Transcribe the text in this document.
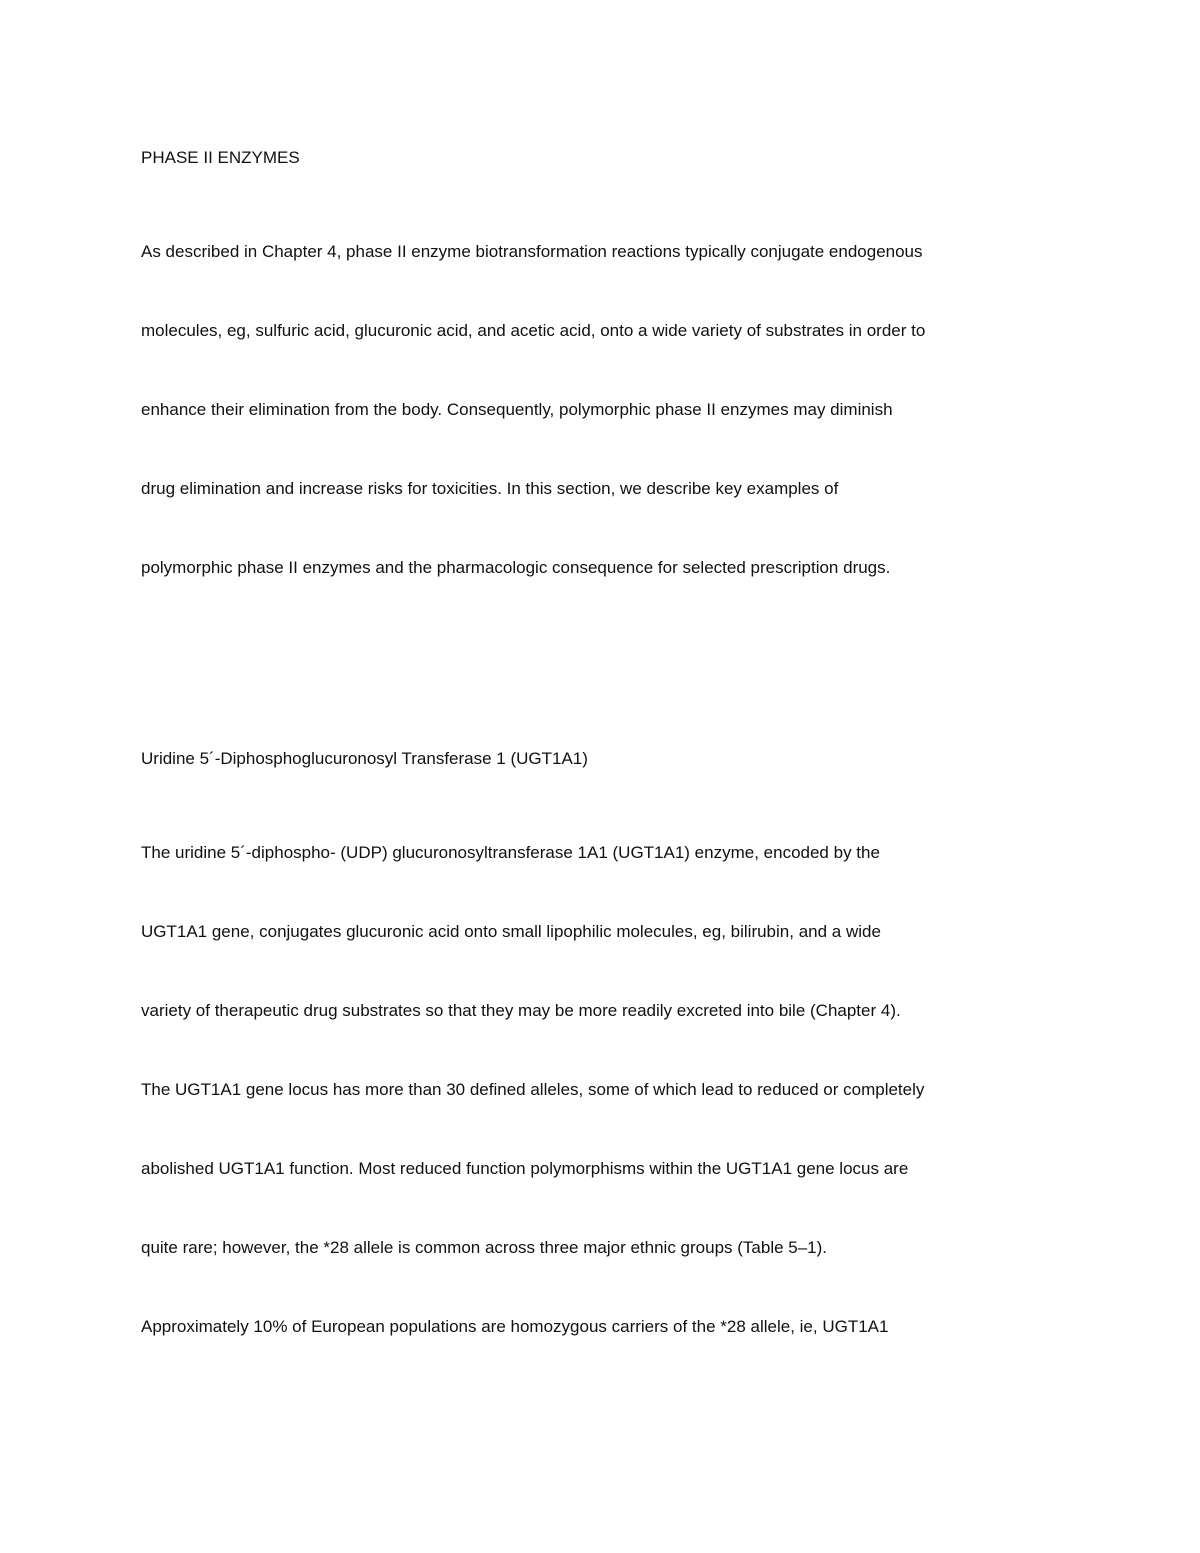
PHASE II ENZYMES
As described in Chapter 4, phase II enzyme biotransformation reactions typically conjugate endogenous
molecules, eg, sulfuric acid, glucuronic acid, and acetic acid, onto a wide variety of substrates in order to
enhance their elimination from the body. Consequently, polymorphic phase II enzymes may diminish
drug elimination and increase risks for toxicities. In this section, we describe key examples of
polymorphic phase II enzymes and the pharmacologic consequence for selected prescription drugs.
Uridine 5´-Diphosphoglucuronosyl Transferase 1 (UGT1A1)
The uridine 5´-diphospho- (UDP) glucuronosyltransferase 1A1 (UGT1A1) enzyme, encoded by the
UGT1A1 gene, conjugates glucuronic acid onto small lipophilic molecules, eg, bilirubin, and a wide
variety of therapeutic drug substrates so that they may be more readily excreted into bile (Chapter 4).
The UGT1A1 gene locus has more than 30 defined alleles, some of which lead to reduced or completely
abolished UGT1A1 function. Most reduced function polymorphisms within the UGT1A1 gene locus are
quite rare; however, the *28 allele is common across three major ethnic groups (Table 5–1).
Approximately 10% of European populations are homozygous carriers of the *28 allele, ie, UGT1A1
